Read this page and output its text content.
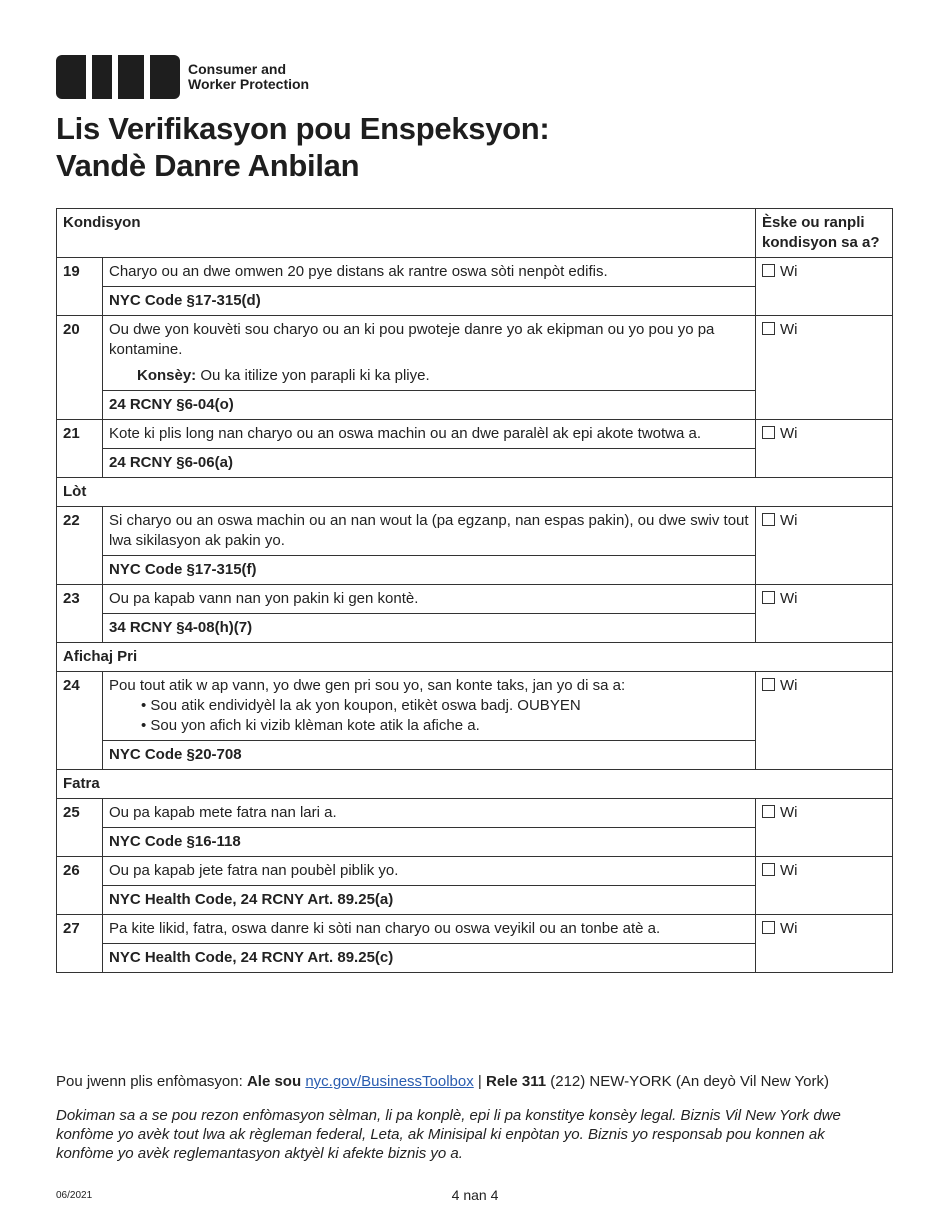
Consumer and
Worker Protection
Lis Verifikasyon pou Enspeksyon:
Vandè Danre Anbilan
Kondisyon		Èske ou ranpli kondisyon sa a?
19	Charyo ou an dwe omwen 20 pye distans ak rantre oswa sòti nenpòt edifis.	Wi
	NYC Code §17-315(d)	
20	Ou dwe yon kouvèti sou charyo ou an ki pou pwoteje danre yo ak ekipman ou yo pou yo pa kontamine.
Konsèy: Ou ka itilize yon parapli ki ka pliye.	Wi
	24 RCNY §6-04(o)	
21	Kote ki plis long nan charyo ou an oswa machin ou an dwe paralèl ak epi akote twotwa a.	Wi
	24 RCNY §6-06(a)	
Lòt		
22	Si charyo ou an oswa machin ou an nan wout la (pa egzanp, nan espas pakin), ou dwe swiv tout lwa sikilasyon ak pakin yo.	Wi
	NYC Code §17-315(f)	
23	Ou pa kapab vann nan yon pakin ki gen kontè.	Wi
	34 RCNY §4-08(h)(7)	
Afichaj Pri		
24	Pou tout atik w ap vann, yo dwe gen pri sou yo, san konte taks, jan yo di sa a:
• Sou atik endividyèl la ak yon koupon, etikèt oswa badj. OUBYEN
• Sou yon afich ki vizib klèman kote atik la afiche a.	Wi
	NYC Code §20-708	
Fatra		
25	Ou pa kapab mete fatra nan lari a.	Wi
	NYC Code §16-118	
26	Ou pa kapab jete fatra nan poubèl piblik yo.	Wi
	NYC Health Code, 24 RCNY Art. 89.25(a)	
27	Pa kite likid, fatra, oswa danre ki sòti nan charyo ou oswa veyikil ou an tonbe atè a.	Wi
	NYC Health Code, 24 RCNY Art. 89.25(c)	
Pou jwenn plis enfòmasyon: Ale sou nyc.gov/BusinessToolbox | Rele 311 (212) NEW-YORK (An deyò Vil New York)
Dokiman sa a se pou rezon enfòmasyon sèlman, li pa konplè, epi li pa konstitye konsèy legal. Biznis Vil New York dwe konfòme yo avèk tout lwa ak règleman federal, Leta, ak Minisipal ki enpòtan yo. Biznis yo responsab pou konnen ak konfòme yo avèk reglemantasyon aktyèl ki afekte biznis yo a.
06/2021	4 nan 4
